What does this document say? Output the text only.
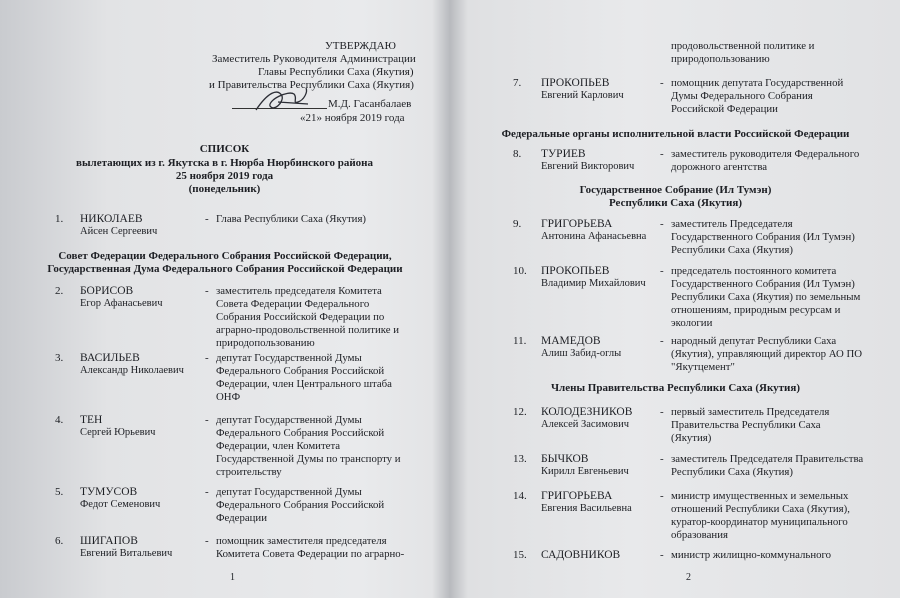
УТВЕРЖДАЮ
Заместитель Руководителя Администрации
Главы Республики Саха (Якутия)
и Правительства Республики Саха (Якутия)
М.Д. Гасанбалаев
«21» ноября 2019 года
СПИСОК
вылетающих из г. Якутска в г. Нюрба Нюрбинского района
25 ноября 2019 года
(понедельник)
Совет Федерации Федерального Собрания Российской Федерации,
Государственная Дума Федерального Собрания Российской Федерации
1. НИКОЛАЕВ
Айсен Сергеевич
- Глава Республики Саха (Якутия)
2. БОРИСОВ
Егор Афанасьевич
- заместитель председателя Комитета
Совета Федерации Федерального
Собрания Российской Федерации по
аграрно-продовольственной политике и
природопользованию
3. ВАСИЛЬЕВ
Александр Николаевич
- депутат Государственной Думы
Федерального Собрания Российской
Федерации, член Центрального штаба
ОНФ
4. ТЕН
Сергей Юрьевич
- депутат Государственной Думы
Федерального Собрания Российской
Федерации, член Комитета
Государственной Думы по транспорту и
строительству
5. ТУМУСОВ
Федот Семенович
- депутат Государственной Думы
Федерального Собрания Российской
Федерации
6. ШИГАПОВ
Евгений Витальевич
- помощник заместителя председателя
Комитета Совета Федерации по аграрно-
1
продовольственной политике и
природопользованию
Федеральные органы исполнительной власти Российской Федерации
Государственное Собрание (Ил Тумэн)
Республики Саха (Якутия)
Члены Правительства Республики Саха (Якутия)
7. ПРОКОПЬЕВ
Евгений Карлович
- помощник депутата Государственной
Думы Федерального Собрания
Российской Федерации
8. ТУРИЕВ
Евгений Викторович
- заместитель руководителя Федерального
дорожного агентства
9. ГРИГОРЬЕВА
Антонина Афанасьевна
- заместитель Председателя
Государственного Собрания (Ил Тумэн)
Республики Саха (Якутия)
10. ПРОКОПЬЕВ
Владимир Михайлович
- председатель постоянного комитета
Государственного Собрания (Ил Тумэн)
Республики Саха (Якутия) по земельным
отношениям, природным ресурсам и
экологии
11. МАМЕДОВ
Алиш Забид-оглы
- народный депутат Республики Саха
(Якутия), управляющий директор АО ПО
"Якутцемент"
12. КОЛОДЕЗНИКОВ
Алексей Засимович
- первый заместитель Председателя
Правительства Республики Саха
(Якутия)
13. БЫЧКОВ
Кирилл Евгеньевич
- заместитель Председателя Правительства
Республики Саха (Якутия)
14. ГРИГОРЬЕВА
Евгения Васильевна
- министр имущественных и земельных
отношений Республики Саха (Якутия),
куратор-координатор муниципального
образования
15. САДОВНИКОВ	- министр жилищно-коммунального
2
